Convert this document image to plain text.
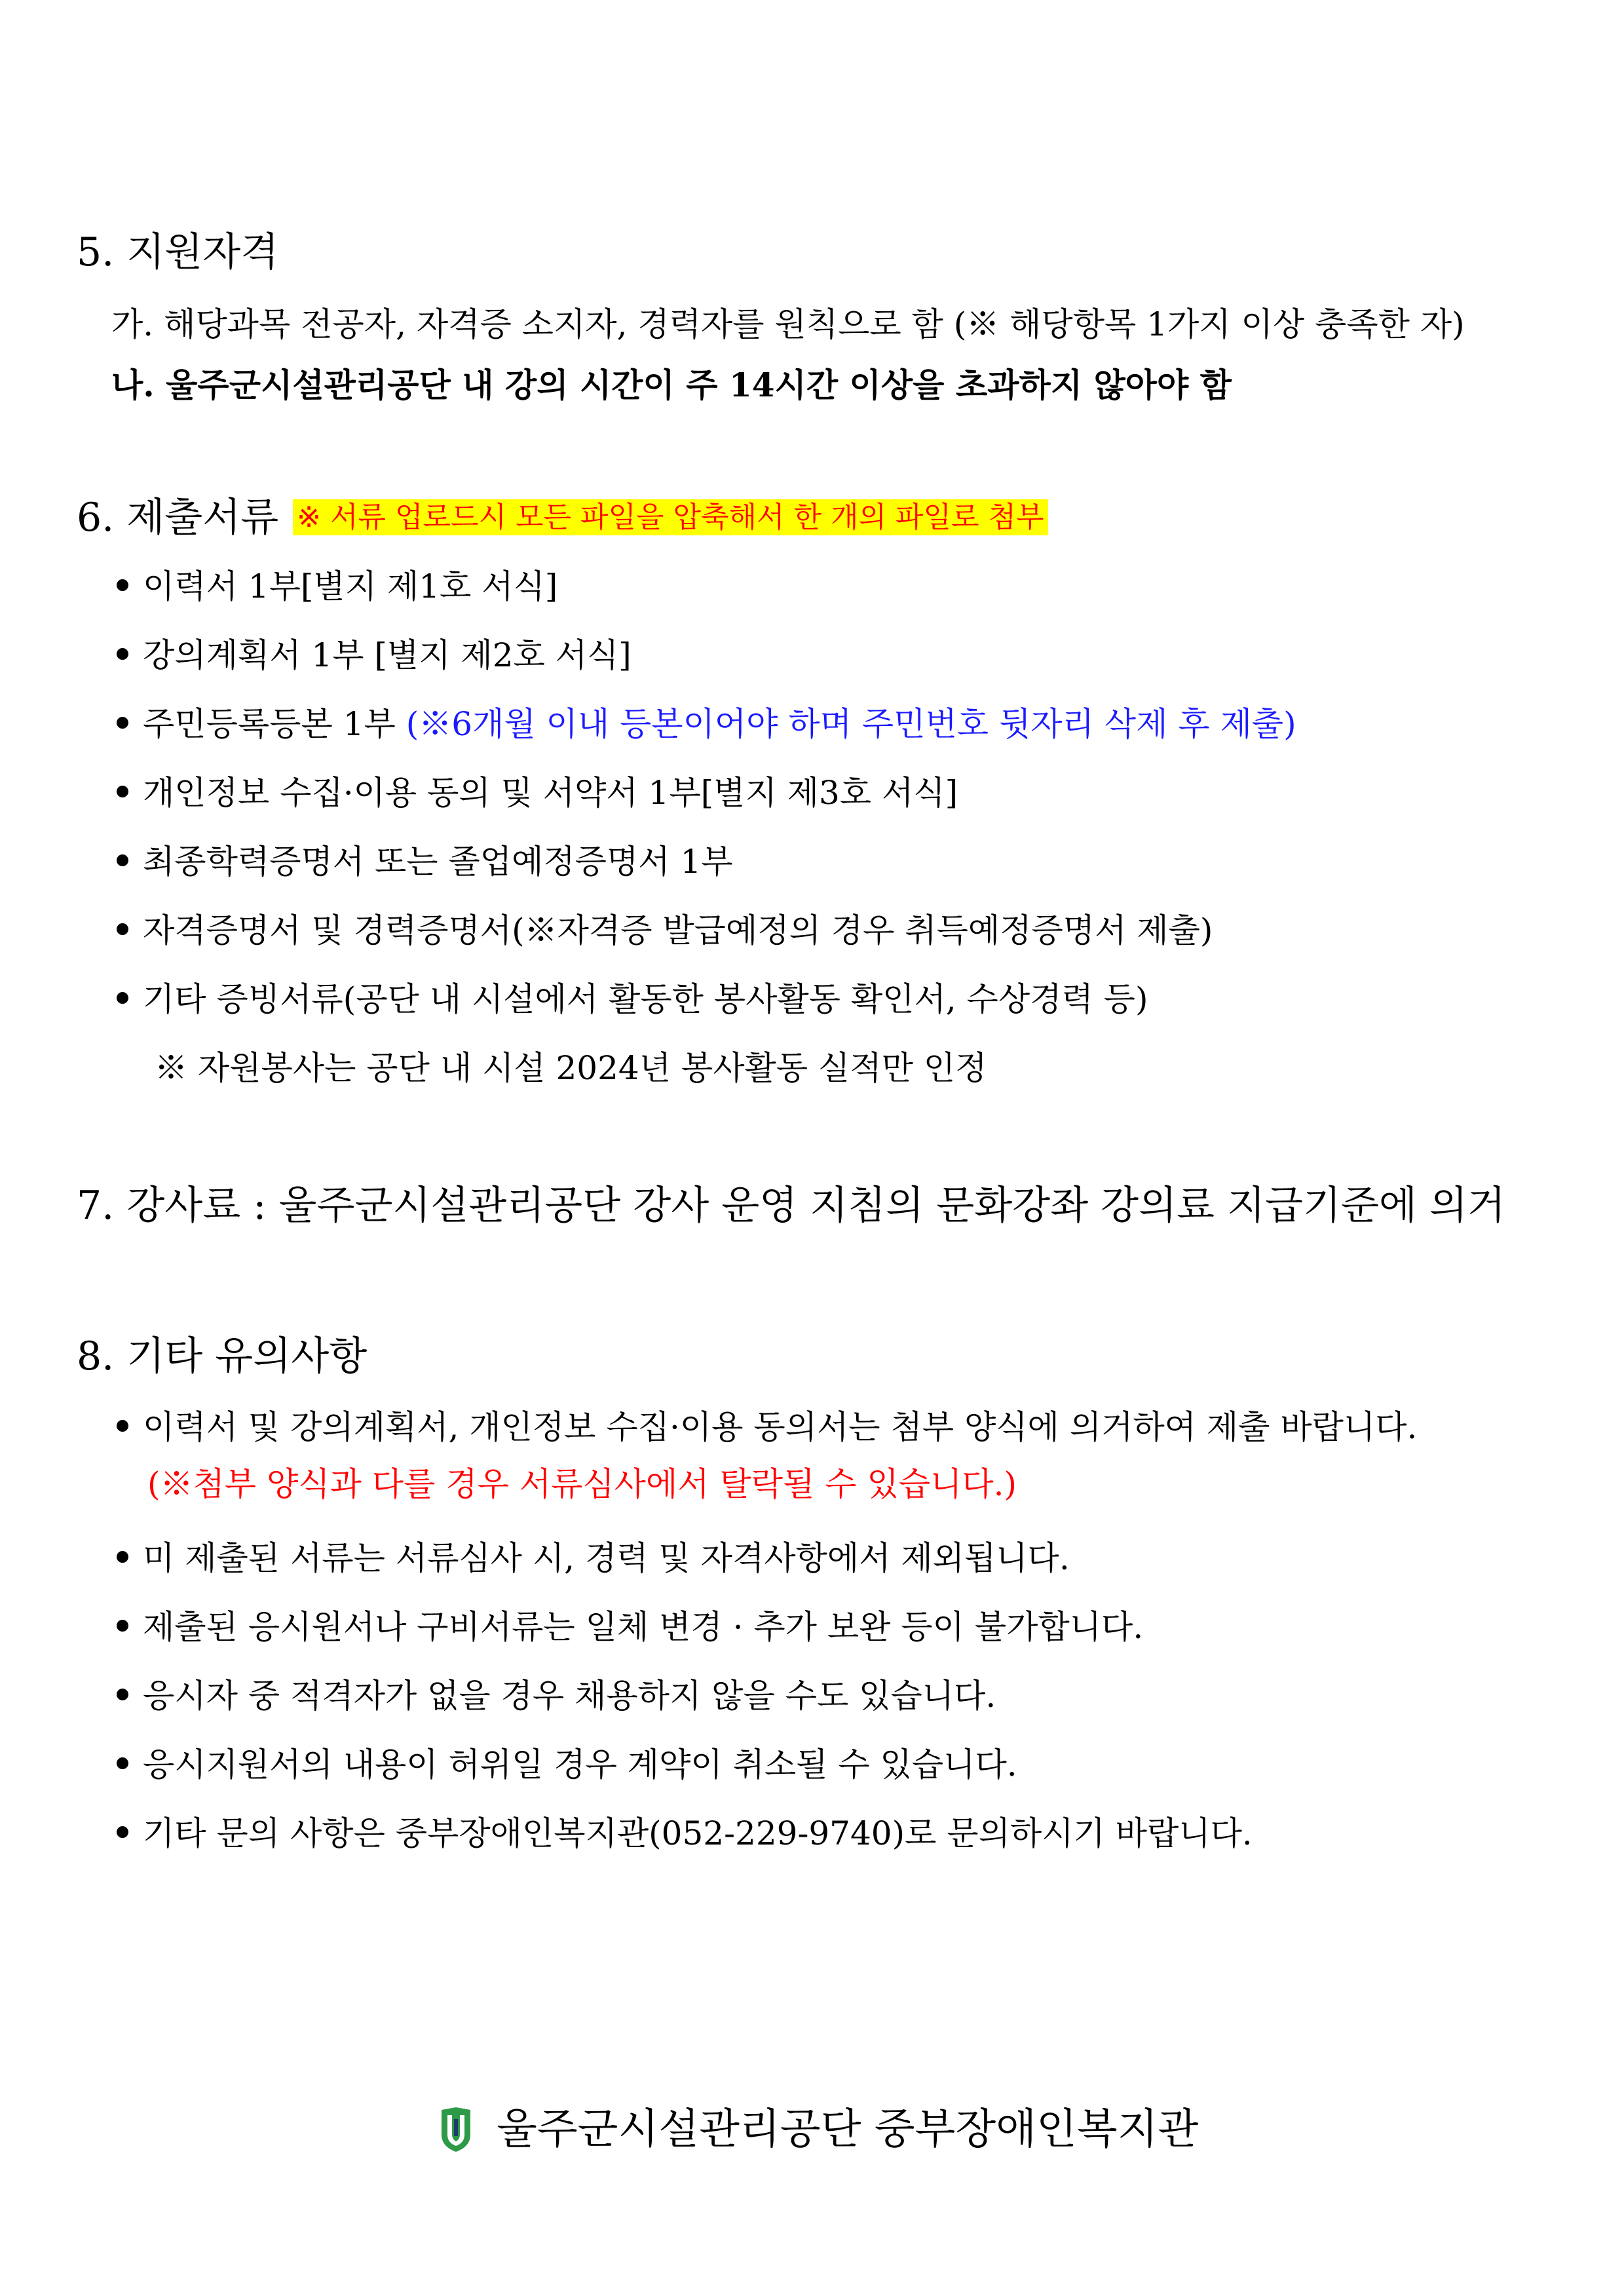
5. 지원자격
가. 해당과목 전공자, 자격증 소지자, 경력자를 원칙으로 함 (※ 해당항목 1가지 이상 충족한 자)
나. 울주군시설관리공단 내 강의 시간이 주 14시간 이상을 초과하지 않아야 함
6. 제출서류 ※ 서류 업로드시 모든 파일을 압축해서 한 개의 파일로 첨부
이력서 1부[별지 제1호 서식]
강의계획서 1부 [별지 제2호 서식]
주민등록등본 1부 (※6개월 이내 등본이어야 하며 주민번호 뒷자리 삭제 후 제출)
개인정보 수집·이용 동의 및 서약서 1부[별지 제3호 서식]
최종학력증명서 또는 졸업예정증명서 1부
자격증명서 및 경력증명서(※자격증 발급예정의 경우 취득예정증명서 제출)
기타 증빙서류(공단 내 시설에서 활동한 봉사활동 확인서, 수상경력 등)
※ 자원봉사는 공단 내 시설 2024년 봉사활동 실적만 인정
7. 강사료 : 울주군시설관리공단 강사 운영 지침의 문화강좌 강의료 지급기준에 의거
8. 기타 유의사항
이력서 및 강의계획서, 개인정보 수집·이용 동의서는 첨부 양식에 의거하여 제출 바랍니다.
(※첨부 양식과 다를 경우 서류심사에서 탈락될 수 있습니다.)
미 제출된 서류는 서류심사 시, 경력 및 자격사항에서 제외됩니다.
제출된 응시원서나 구비서류는 일체 변경 · 추가 보완 등이 불가합니다.
응시자 중 적격자가 없을 경우 채용하지 않을 수도 있습니다.
응시지원서의 내용이 허위일 경우 계약이 취소될 수 있습니다.
기타 문의 사항은 중부장애인복지관(052-229-9740)로 문의하시기 바랍니다.
울주군시설관리공단 중부장애인복지관
